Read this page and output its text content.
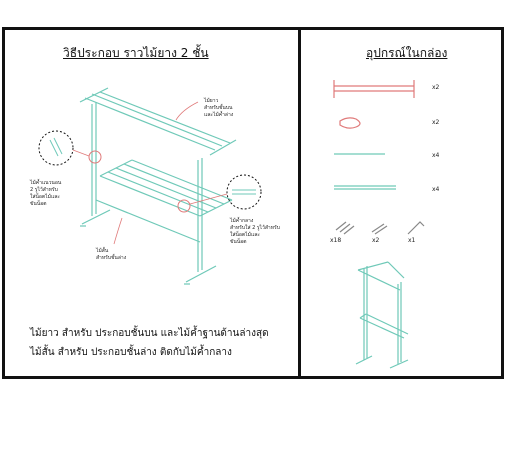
วิธีประกอบ ราวไม้ยาง 2 ชั้น	อุปกรณ์ในกล่อง
ไม้ยาว
สำหรับชั้นบน
และไม้ค้ำล่าง
ไม้ค้ำแนวนอน
2 รูไว้สำหรับ
ใส่น็อตไม้และ
ขันน็อต
ไม้ค้ำกลาง
สำหรับใส่ 2 รูไว้สำหรับ
ใส่น็อตไม้และ
ขันน็อต
ไม้สั้น
สำหรับชั้นล่าง
x2
x2
x4
x4
x18	x2	x1
ไม้ยาว สำหรับ ประกอบชั้นบน และไม้ค้ำฐานด้านล่างสุด
ไม้สั้น สำหรับ ประกอบชั้นล่าง ติดกับไม้ค้ำกลาง
